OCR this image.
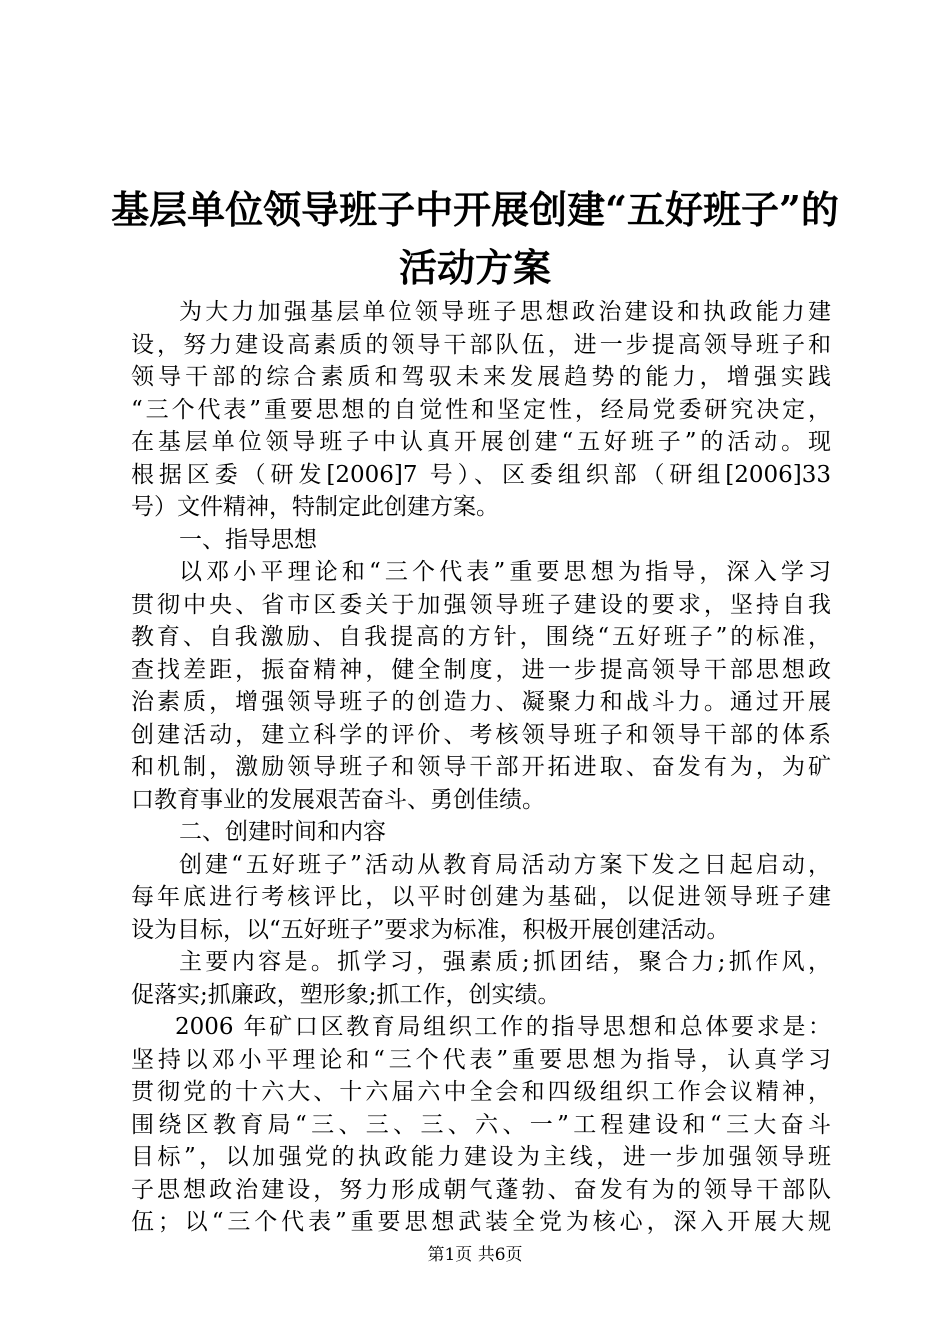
基层单位领导班子中开展创建“五好班子”的
活动方案
为大力加强基层单位领导班子思想政治建设和执政能力建
设，努力建设高素质的领导干部队伍，进一步提高领导班子和
领导干部的综合素质和驾驭未来发展趋势的能力，增强实践
“三个代表”重要思想的自觉性和坚定性，经局党委研究决定，
在基层单位领导班子中认真开展创建“五好班子”的活动。现
根据区委（研发[2006]7 号）、区委组织部（研组[2006]33
号）文件精神，特制定此创建方案。
一、指导思想
以邓小平理论和“三个代表”重要思想为指导，深入学习
贯彻中央、省市区委关于加强领导班子建设的要求，坚持自我
教育、自我激励、自我提高的方针，围绕“五好班子”的标准，
查找差距，振奋精神，健全制度，进一步提高领导干部思想政
治素质，增强领导班子的创造力、凝聚力和战斗力。通过开展
创建活动，建立科学的评价、考核领导班子和领导干部的体系
和机制，激励领导班子和领导干部开拓进取、奋发有为，为矿
口教育事业的发展艰苦奋斗、勇创佳绩。
二、创建时间和内容
创建“五好班子”活动从教育局活动方案下发之日起启动，
每年底进行考核评比，以平时创建为基础，以促进领导班子建
设为目标，以“五好班子”要求为标准，积极开展创建活动。
主要内容是。抓学习，强素质;抓团结，聚合力;抓作风，
促落实;抓廉政，塑形象;抓工作，创实绩。
2006 年矿口区教育局组织工作的指导思想和总体要求是：
坚持以邓小平理论和“三个代表”重要思想为指导，认真学习
贯彻党的十六大、十六届六中全会和四级组织工作会议精神，
围绕区教育局“三、三、三、六、一”工程建设和“三大奋斗
目标”，以加强党的执政能力建设为主线，进一步加强领导班
子思想政治建设，努力形成朝气蓬勃、奋发有为的领导干部队
伍；以“三个代表”重要思想武装全党为核心，深入开展大规
第1页 共6页
